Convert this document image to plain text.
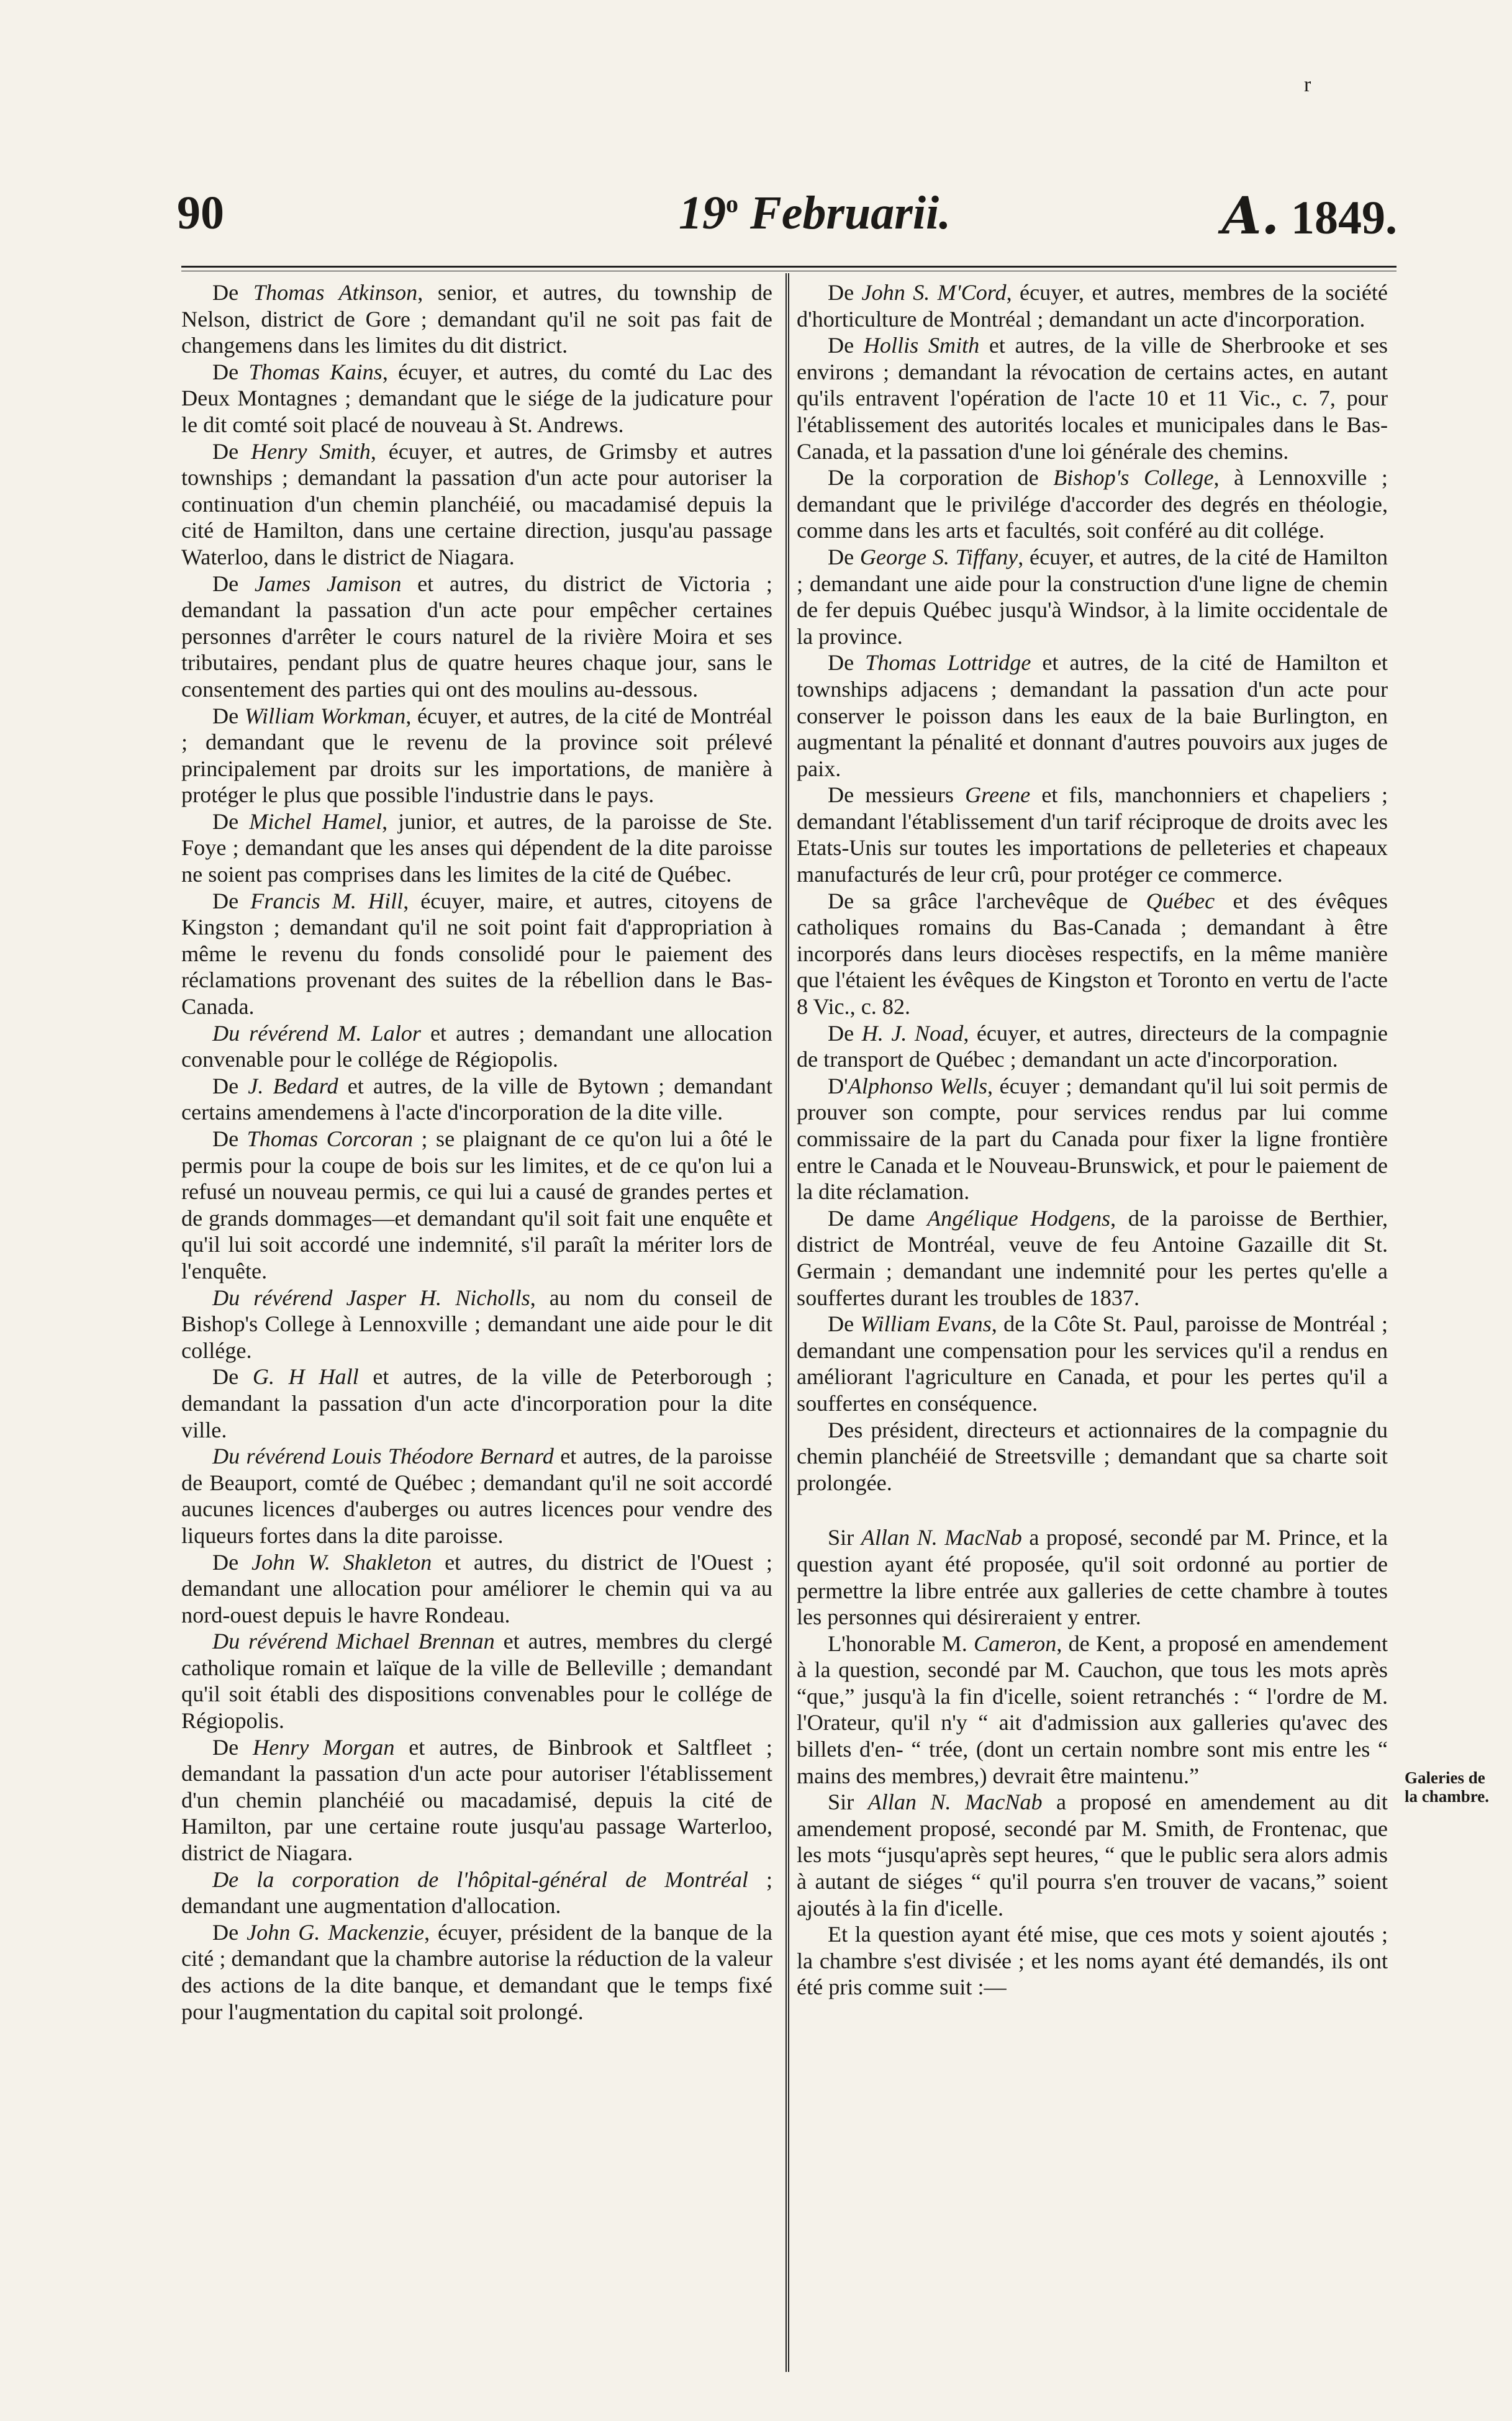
r
90	19$^o$ Februarii.	A. 1849.

De Thomas Atkinson, senior, et autres, du township de Nelson, district de Gore ; demandant qu'il ne soit pas fait de changemens dans les limites du dit district.

De Thomas Kains, écuyer, et autres, du comté du Lac des Deux Montagnes ; demandant que le siége de la judicature pour le dit comté soit placé de nouveau à St. Andrews.

De Henry Smith, écuyer, et autres, de Grimsby et autres townships ; demandant la passation d'un acte pour autoriser la continuation d'un chemin planchéié, ou macadamisé depuis la cité de Hamilton, dans une certaine direction, jusqu'au passage Waterloo, dans le district de Niagara.

De James Jamison et autres, du district de Victoria ; demandant la passation d'un acte pour empêcher certaines personnes d'arrêter le cours naturel de la rivière Moira et ses tributaires, pendant plus de quatre heures chaque jour, sans le consentement des parties qui ont des moulins au-dessous.

De William Workman, écuyer, et autres, de la cité de Montréal ; demandant que le revenu de la province soit prélevé principalement par droits sur les importations, de manière à protéger le plus que possible l'industrie dans le pays.

De Michel Hamel, junior, et autres, de la paroisse de Ste. Foye ; demandant que les anses qui dépendent de la dite paroisse ne soient pas comprises dans les limites de la cité de Québec.

De Francis M. Hill, écuyer, maire, et autres, citoyens de Kingston ; demandant qu'il ne soit point fait d'appropriation à même le revenu du fonds consolidé pour le paiement des réclamations provenant des suites de la rébellion dans le Bas-Canada.

Du révérend M. Lalor et autres ; demandant une allocation convenable pour le collége de Régiopolis.

De J. Bedard et autres, de la ville de Bytown ; demandant certains amendemens à l'acte d'incorporation de la dite ville.

De Thomas Corcoran ; se plaignant de ce qu'on lui a ôté le permis pour la coupe de bois sur les limites, et de ce qu'on lui a refusé un nouveau permis, ce qui lui a causé de grandes pertes et de grands dommages—et demandant qu'il soit fait une enquête et qu'il lui soit accordé une indemnité, s'il paraît la mériter lors de l'enquête.

Du révérend Jasper H. Nicholls, au nom du conseil de Bishop's College à Lennoxville ; demandant une aide pour le dit collége.

De G. H Hall et autres, de la ville de Peterborough ; demandant la passation d'un acte d'incorporation pour la dite ville.

Du révérend Louis Théodore Bernard et autres, de la paroisse de Beauport, comté de Québec ; demandant qu'il ne soit accordé aucunes licences d'auberges ou autres licences pour vendre des liqueurs fortes dans la dite paroisse.

De John W. Shakleton et autres, du district de l'Ouest ; demandant une allocation pour améliorer le chemin qui va au nord-ouest depuis le havre Rondeau.

Du révérend Michael Brennan et autres, membres du clergé catholique romain et laïque de la ville de Belleville ; demandant qu'il soit établi des dispositions convenables pour le collége de Régiopolis.

De Henry Morgan et autres, de Binbrook et Saltfleet ; demandant la passation d'un acte pour autoriser l'établissement d'un chemin planchéié ou macadamisé, depuis la cité de Hamilton, par une certaine route jusqu'au passage Warterloo, district de Niagara.

De la corporation de l'hôpital-général de Montréal ; demandant une augmentation d'allocation.

De John G. Mackenzie, écuyer, président de la banque de la cité ; demandant que la chambre autorise la réduction de la valeur des actions de la dite banque, et demandant que le temps fixé pour l'augmentation du capital soit prolongé.

De John S. M'Cord, écuyer, et autres, membres de la société d'horticulture de Montréal ; demandant un acte d'incorporation.

De Hollis Smith et autres, de la ville de Sherbrooke et ses environs ; demandant la révocation de certains actes, en autant qu'ils entravent l'opération de l'acte 10 et 11 Vic., c. 7, pour l'établissement des autorités locales et municipales dans le Bas-Canada, et la passation d'une loi générale des chemins.

De la corporation de Bishop's College, à Lennoxville ; demandant que le privilége d'accorder des degrés en théologie, comme dans les arts et facultés, soit conféré au dit collége.

De George S. Tiffany, écuyer, et autres, de la cité de Hamilton ; demandant une aide pour la construction d'une ligne de chemin de fer depuis Québec jusqu'à Windsor, à la limite occidentale de la province.

De Thomas Lottridge et autres, de la cité de Hamilton et townships adjacens ; demandant la passation d'un acte pour conserver le poisson dans les eaux de la baie Burlington, en augmentant la pénalité et donnant d'autres pouvoirs aux juges de paix.

De messieurs Greene et fils, manchonniers et chapeliers ; demandant l'établissement d'un tarif réciproque de droits avec les Etats-Unis sur toutes les importations de pelleteries et chapeaux manufacturés de leur crû, pour protéger ce commerce.

De sa grâce l'archevêque de Québec et des évêques catholiques romains du Bas-Canada ; demandant à être incorporés dans leurs diocèses respectifs, en la même manière que l'étaient les évêques de Kingston et Toronto en vertu de l'acte 8 Vic., c. 82.

De H. J. Noad, écuyer, et autres, directeurs de la compagnie de transport de Québec ; demandant un acte d'incorporation.

D'Alphonso Wells, écuyer ; demandant qu'il lui soit permis de prouver son compte, pour services rendus par lui comme commissaire de la part du Canada pour fixer la ligne frontière entre le Canada et le Nouveau-Brunswick, et pour le paiement de la dite réclamation.

De dame Angélique Hodgens, de la paroisse de Berthier, district de Montréal, veuve de feu Antoine Gazaille dit St. Germain ; demandant une indemnité pour les pertes qu'elle a souffertes durant les troubles de 1837.

De William Evans, de la Côte St. Paul, paroisse de Montréal ; demandant une compensation pour les services qu'il a rendus en améliorant l'agriculture en Canada, et pour les pertes qu'il a souffertes en conséquence.

Des président, directeurs et actionnaires de la compagnie du chemin planchéié de Streetsville ; demandant que sa charte soit prolongée.

Sir Allan N. MacNab a proposé, secondé par M. Prince, et la question ayant été proposée, qu'il soit ordonné au portier de permettre la libre entrée aux galleries de cette chambre à toutes les personnes qui désireraient y entrer.

L'honorable M. Cameron, de Kent, a proposé en amendement à la question, secondé par M. Cauchon, que tous les mots après “que,” jusqu'à la fin d'icelle, soient retranchés : “ l'ordre de M. l'Orateur, qu'il n'y “ ait d'admission aux galleries qu'avec des billets d'en- “ trée, (dont un certain nombre sont mis entre les “ mains des membres,) devrait être maintenu.”

Sir Allan N. MacNab a proposé en amendement au dit amendement proposé, secondé par M. Smith, de Frontenac, que les mots “jusqu'après sept heures, “ que le public sera alors admis à autant de siéges “ qu'il pourra s'en trouver de vacans,” soient ajoutés à la fin d'icelle.

Et la question ayant été mise, que ces mots y soient ajoutés ; la chambre s'est divisée ; et les noms ayant été demandés, ils ont été pris comme suit :—

Galeries de la chambre.
